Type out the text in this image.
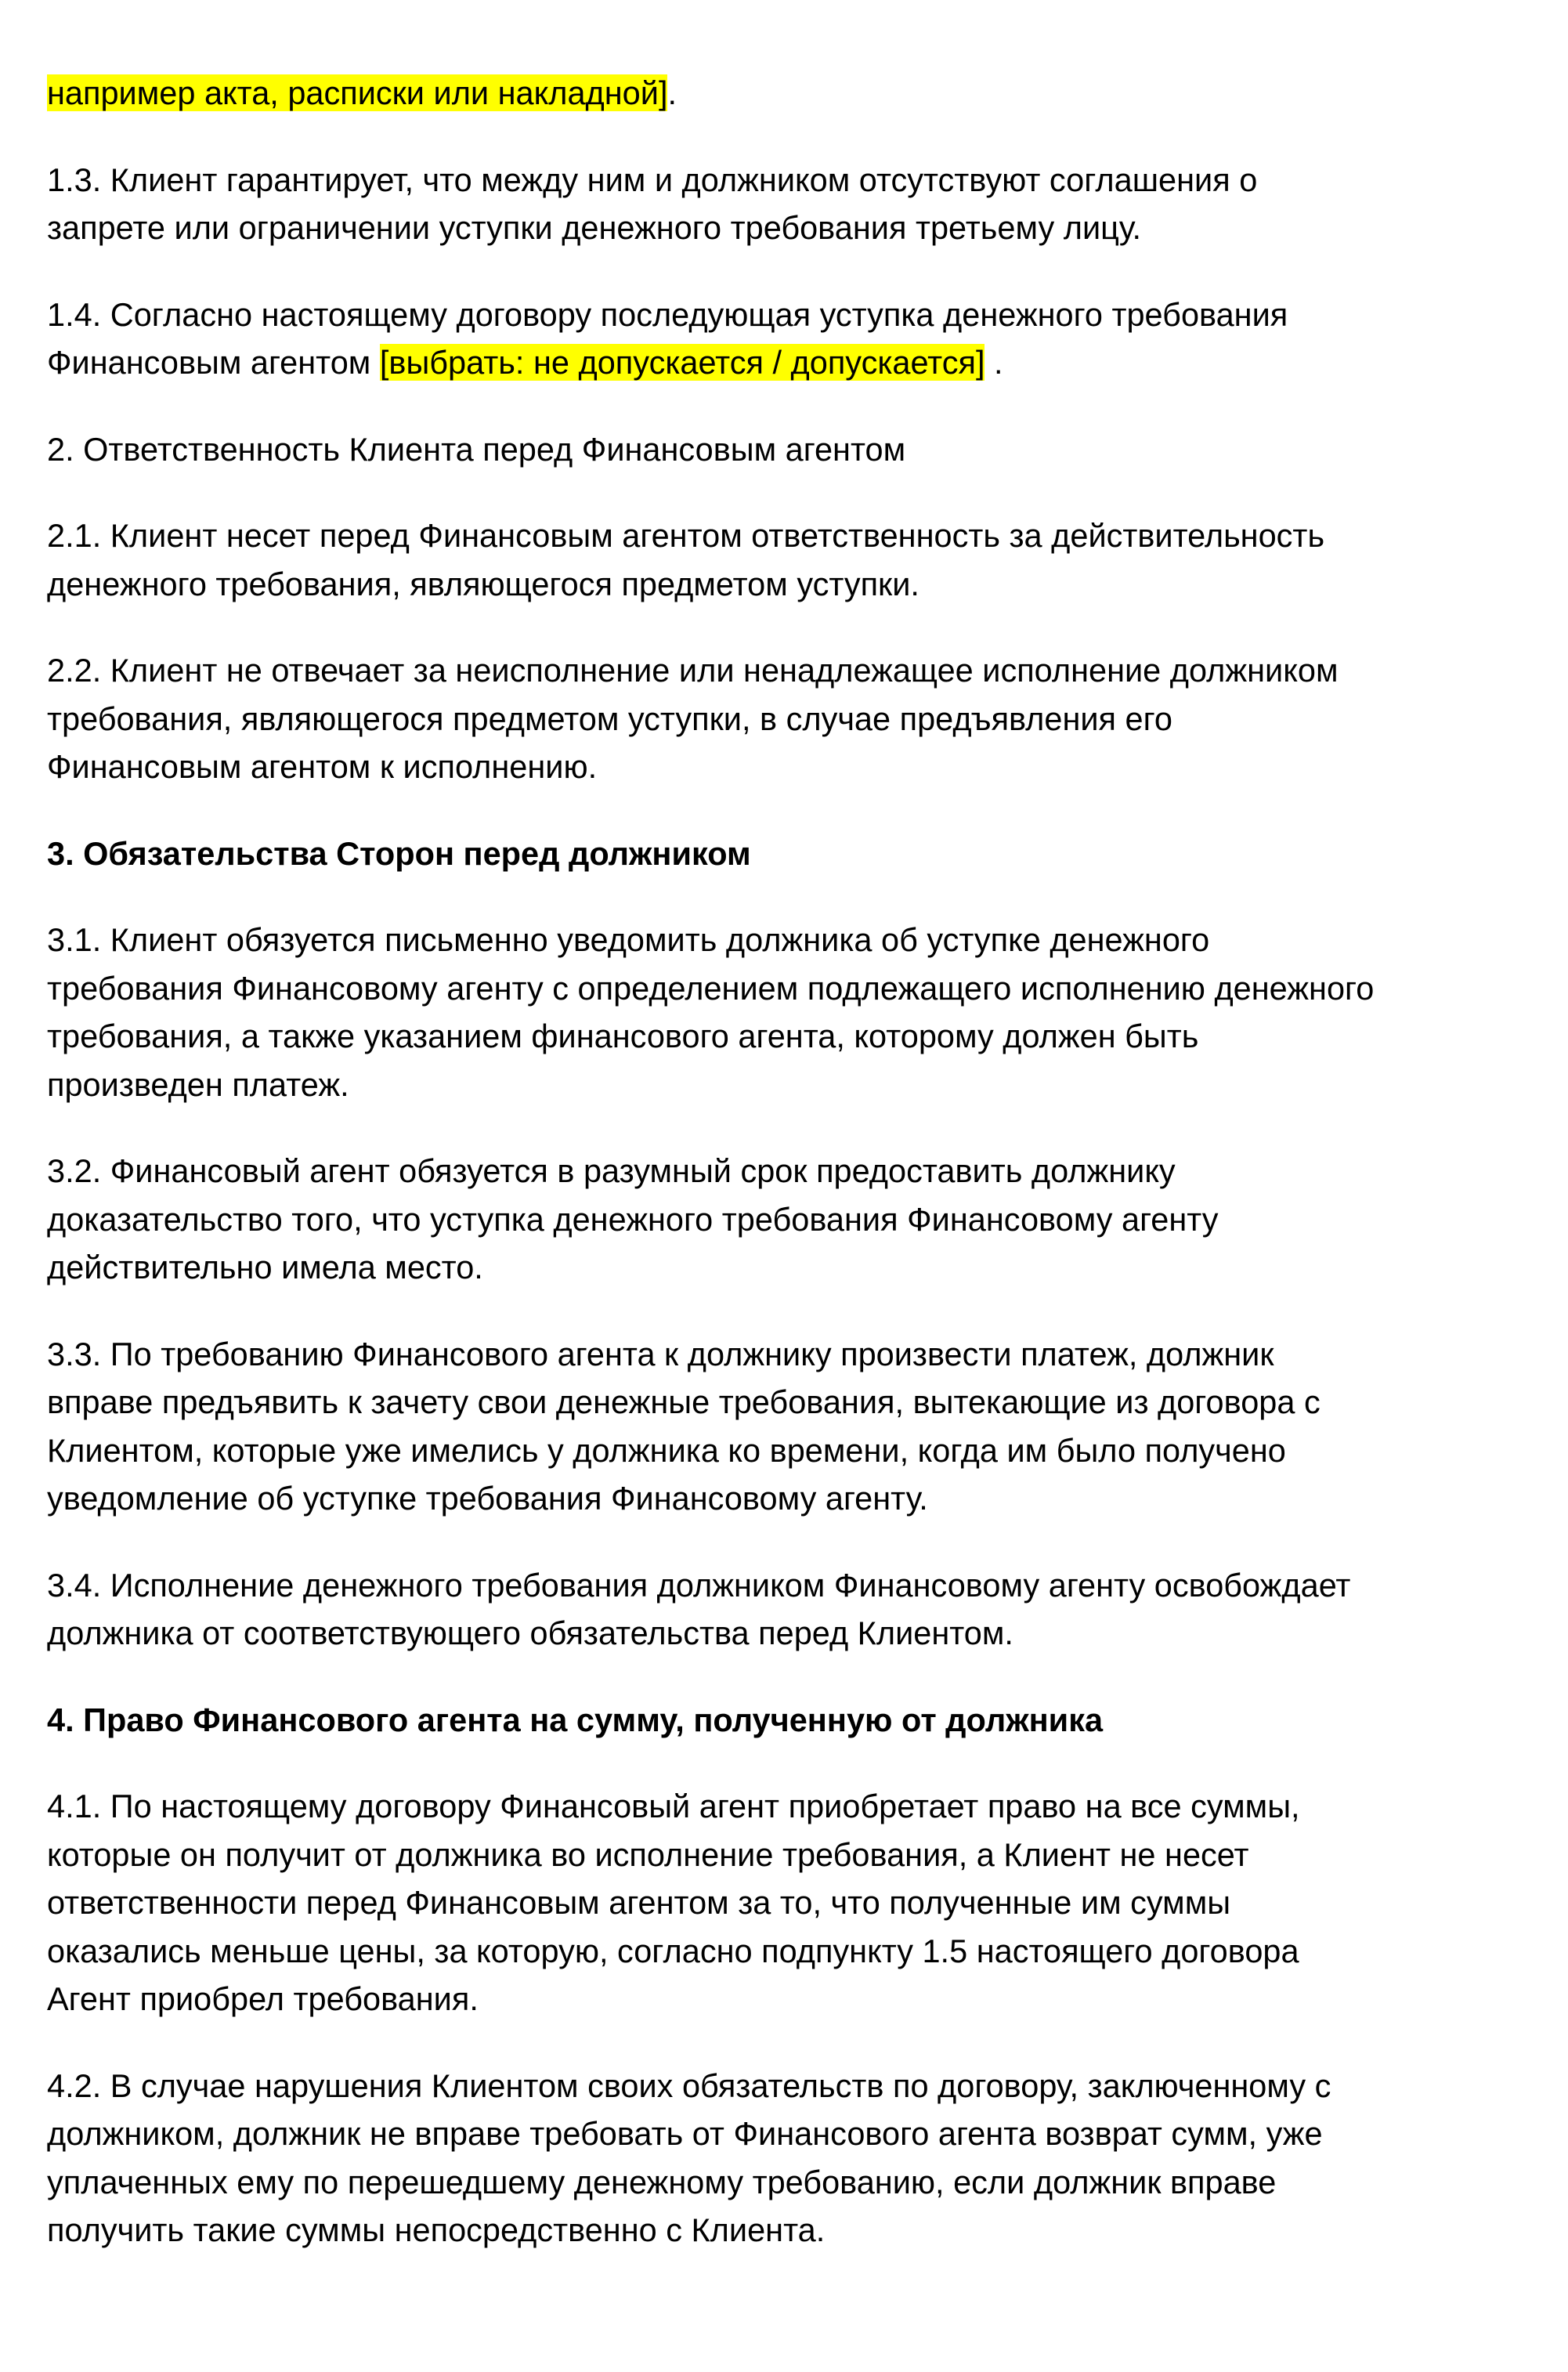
например акта, расписки или накладной].

1.3. Клиент гарантирует, что между ним и должником отсутствуют соглашения о
запрете или ограничении уступки денежного требования третьему лицу.

1.4. Согласно настоящему договору последующая уступка денежного требования
Финансовым агентом [выбрать: не допускается / допускается] .

2. Ответственность Клиента перед Финансовым агентом

2.1. Клиент несет перед Финансовым агентом ответственность за действительность
денежного требования, являющегося предметом уступки.

2.2. Клиент не отвечает за неисполнение или ненадлежащее исполнение должником
требования, являющегося предметом уступки, в случае предъявления его
Финансовым агентом к исполнению.

3. Обязательства Сторон перед должником

3.1. Клиент обязуется письменно уведомить должника об уступке денежного
требования Финансовому агенту с определением подлежащего исполнению денежного
требования, а также указанием финансового агента, которому должен быть
произведен платеж.

3.2. Финансовый агент обязуется в разумный срок предоставить должнику
доказательство того, что уступка денежного требования Финансовому агенту
действительно имела место.

3.3. По требованию Финансового агента к должнику произвести платеж, должник
вправе предъявить к зачету свои денежные требования, вытекающие из договора с
Клиентом, которые уже имелись у должника ко времени, когда им было получено
уведомление об уступке требования Финансовому агенту.

3.4. Исполнение денежного требования должником Финансовому агенту освобождает
должника от соответствующего обязательства перед Клиентом.

4. Право Финансового агента на сумму, полученную от должника

4.1. По настоящему договору Финансовый агент приобретает право на все суммы,
которые он получит от должника во исполнение требования, а Клиент не несет
ответственности перед Финансовым агентом за то, что полученные им суммы
оказались меньше цены, за которую, согласно подпункту 1.5 настоящего договора
Агент приобрел требования.

4.2. В случае нарушения Клиентом своих обязательств по договору, заключенному с
должником, должник не вправе требовать от Финансового агента возврат сумм, уже
уплаченных ему по перешедшему денежному требованию, если должник вправе
получить такие суммы непосредственно с Клиента.
